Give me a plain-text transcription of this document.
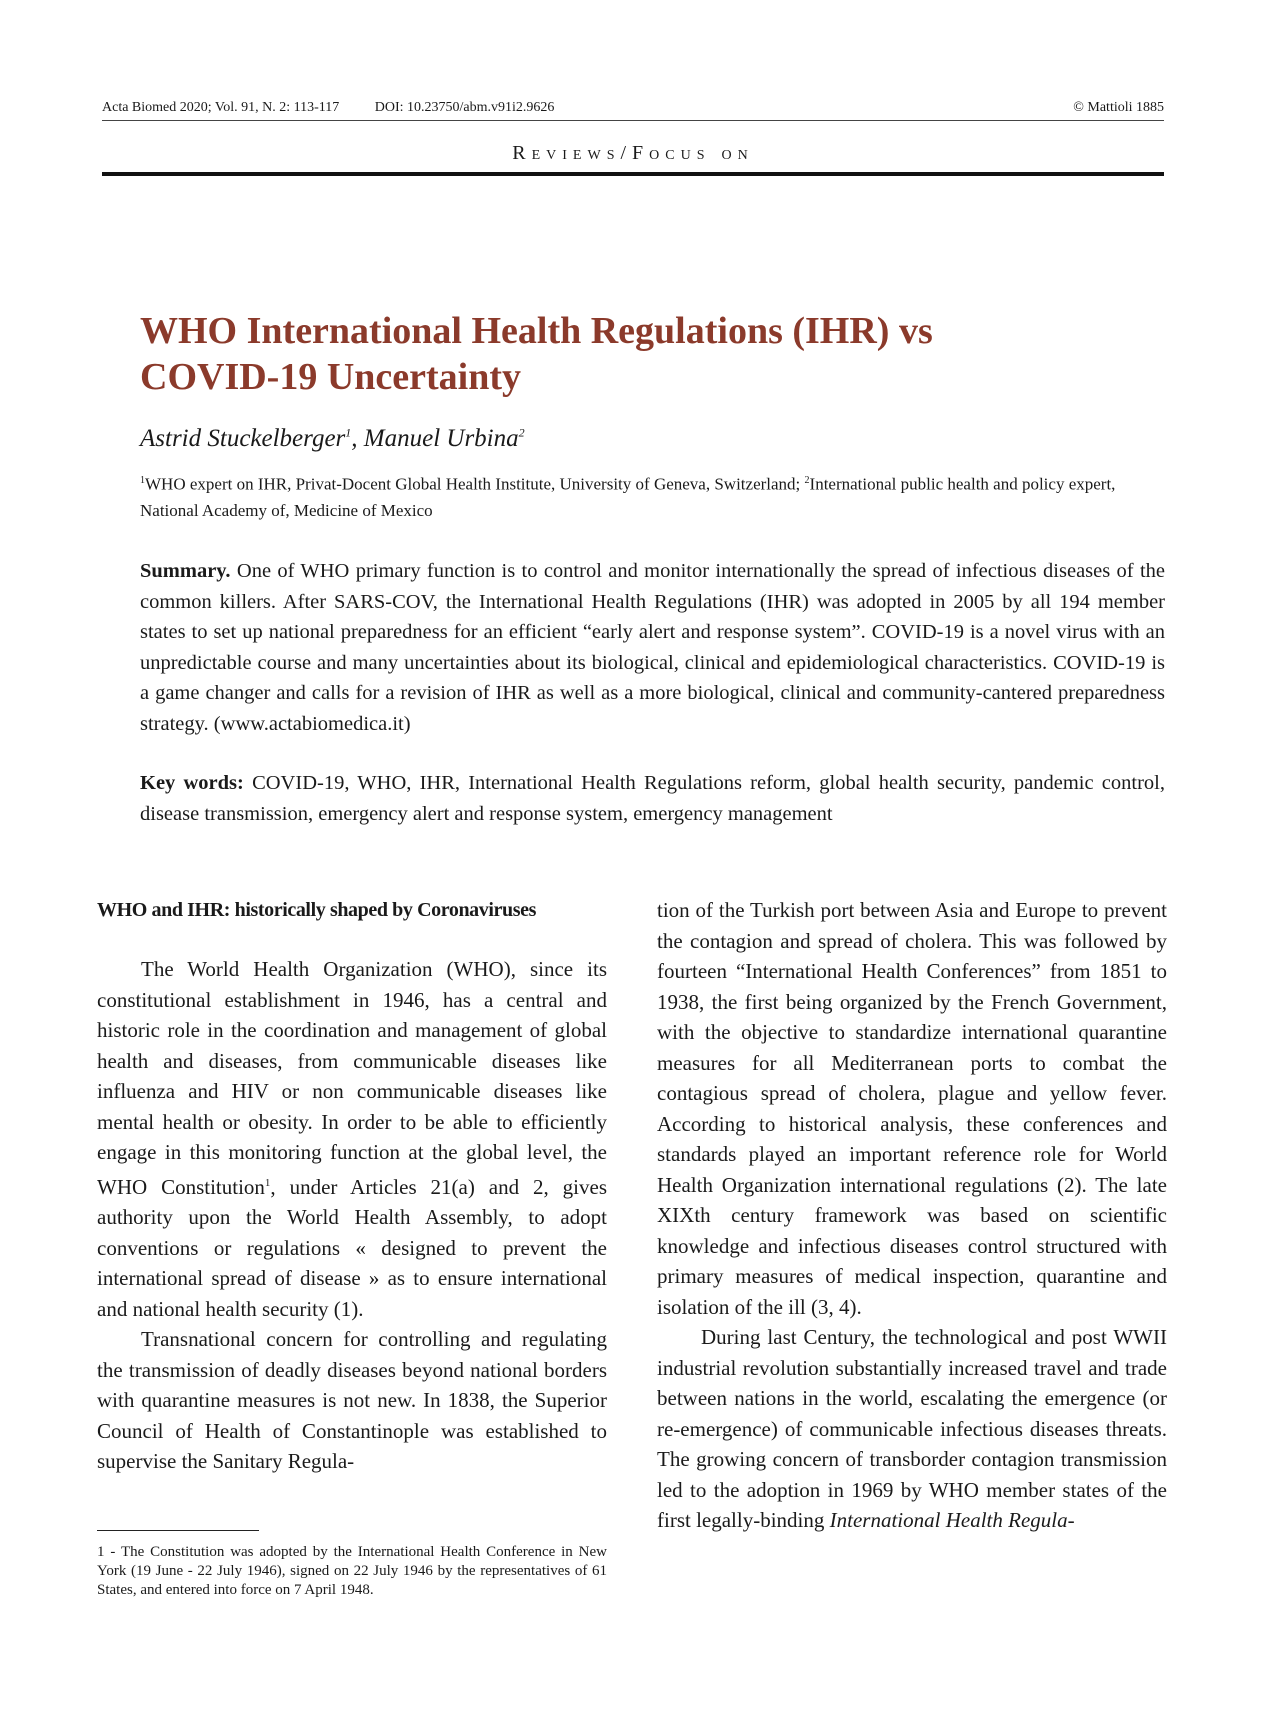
Acta Biomed 2020; Vol. 91, N. 2: 113-117	DOI: 10.23750/abm.v91i2.9626	© Mattioli 1885
Reviews/Focus on
WHO International Health Regulations (IHR) vs
COVID-19 Uncertainty
Astrid Stuckelberger$^1$, Manuel Urbina$^2$
$^1$WHO expert on IHR, Privat-Docent Global Health Institute, University of Geneva, Switzerland; $^2$International public health and policy expert, National Academy of, Medicine of Mexico

Summary. One of WHO primary function is to control and monitor internationally the spread of infectious diseases of the common killers. After SARS-COV, the International Health Regulations (IHR) was adopted in 2005 by all 194 member states to set up national preparedness for an efficient “early alert and response system”. COVID-19 is a novel virus with an unpredictable course and many uncertainties about its biological, clinical and epidemiological characteristics. COVID-19 is a game changer and calls for a revision of IHR as well as a more biological, clinical and community-cantered preparedness strategy. (www.actabiomedica.it)

Key words: COVID-19, WHO, IHR, International Health Regulations reform, global health security, pandemic control, disease transmission, emergency alert and response system, emergency management

WHO and IHR: historically shaped by Coronaviruses

The World Health Organization (WHO), since its constitutional establishment in 1946, has a central and historic role in the coordination and management of global health and diseases, from communicable diseases like influenza and HIV or non communicable diseases like mental health or obesity. In order to be able to efficiently engage in this monitoring function at the global level, the WHO Constitution$^1$, under Articles 21(a) and 2, gives authority upon the World Health Assembly, to adopt conventions or regulations « designed to prevent the international spread of disease » as to ensure international and national health security (1).

Transnational concern for controlling and regulating the transmission of deadly diseases beyond national borders with quarantine measures is not new. In 1838, the Superior Council of Health of Constantinople was established to supervise the Sanitary Regula-

tion of the Turkish port between Asia and Europe to prevent the contagion and spread of cholera. This was followed by fourteen “International Health Conferences” from 1851 to 1938, the first being organized by the French Government, with the objective to standardize international quarantine measures for all Mediterranean ports to combat the contagious spread of cholera, plague and yellow fever. According to historical analysis, these conferences and standards played an important reference role for World Health Organization international regulations (2). The late XIXth century framework was based on scientific knowledge and infectious diseases control structured with primary measures of medical inspection, quarantine and isolation of the ill (3, 4).

During last Century, the technological and post WWII industrial revolution substantially increased travel and trade between nations in the world, escalating the emergence (or re-emergence) of communicable infectious diseases threats. The growing concern of transborder contagion transmission led to the adoption in 1969 by WHO member states of the first legally-binding International Health Regula-

1 - The Constitution was adopted by the International Health Conference in New York (19 June - 22 July 1946), signed on 22 July 1946 by the representatives of 61 States, and entered into force on 7 April 1948.
